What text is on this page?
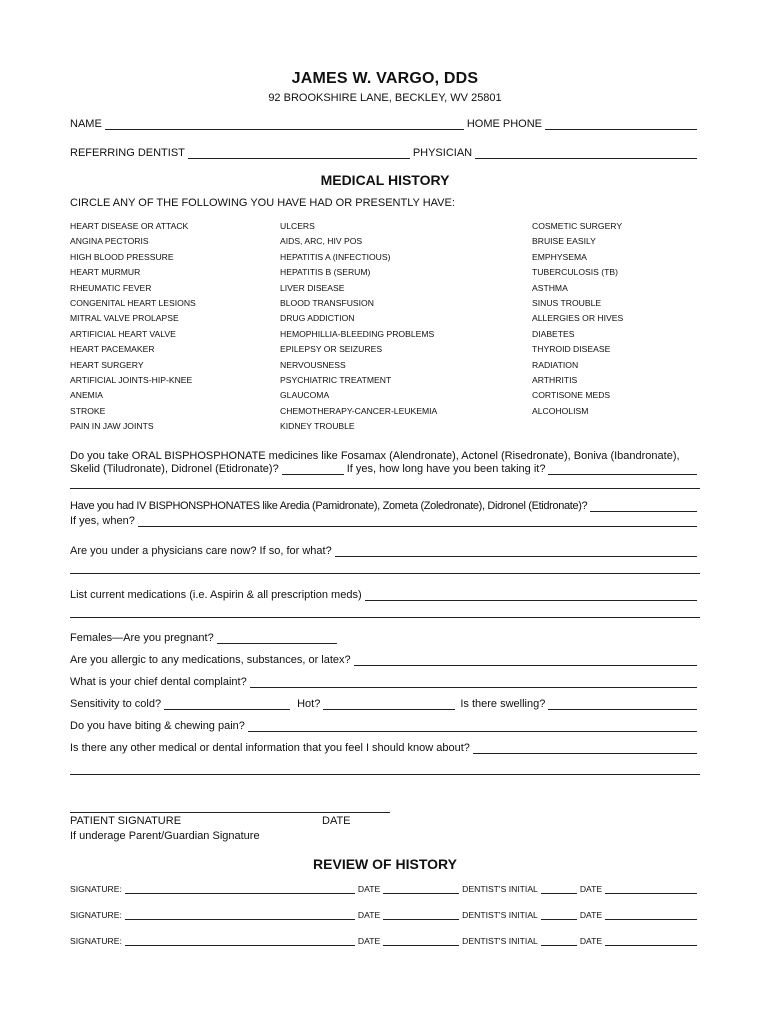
JAMES W. VARGO, DDS
92 BROOKSHIRE LANE, BECKLEY, WV 25801
NAME	HOME PHONE
REFERRING DENTIST	PHYSICIAN
MEDICAL HISTORY
CIRCLE ANY OF THE FOLLOWING YOU HAVE HAD OR PRESENTLY HAVE:
HEART DISEASE OR ATTACK
ANGINA PECTORIS
HIGH BLOOD PRESSURE
HEART MURMUR
RHEUMATIC FEVER
CONGENITAL HEART LESIONS
MITRAL VALVE PROLAPSE
ARTIFICIAL HEART VALVE
HEART PACEMAKER
HEART SURGERY
ARTIFICIAL JOINTS-HIP-KNEE
ANEMIA
STROKE
PAIN IN JAW JOINTS
ULCERS
AIDS, ARC, HIV POS
HEPATITIS A (INFECTIOUS)
HEPATITIS B (SERUM)
LIVER DISEASE
BLOOD TRANSFUSION
DRUG ADDICTION
HEMOPHILLIA-BLEEDING PROBLEMS
EPILEPSY OR SEIZURES
NERVOUSNESS
PSYCHIATRIC TREATMENT
GLAUCOMA
CHEMOTHERAPY-CANCER-LEUKEMIA
KIDNEY TROUBLE
COSMETIC SURGERY
BRUISE EASILY
EMPHYSEMA
TUBERCULOSIS (TB)
ASTHMA
SINUS TROUBLE
ALLERGIES OR HIVES
DIABETES
THYROID DISEASE
RADIATION
ARTHRITIS
CORTISONE MEDS
ALCOHOLISM
Do you take ORAL BISPHOSPHONATE medicines like Fosamax (Alendronate), Actonel (Risedronate), Boniva (Ibandronate),
Skelid (Tiludronate), Didronel (Etidronate)?	If yes, how long have you been taking it?
Have you had IV BISPHONSPHONATES like Aredia (Pamidronate), Zometa (Zoledronate), Didronel (Etidronate)?
If yes, when?
Are you under a physicians care now? If so, for what?
List current medications (i.e. Aspirin & all prescription meds)
Females—Are you pregnant?
Are you allergic to any medications, substances, or latex?
What is your chief dental complaint?
Sensitivity to cold?	Hot?	Is there swelling?
Do you have biting & chewing pain?
Is there any other medical or dental information that you feel I should know about?
PATIENT SIGNATURE	DATE
If underage Parent/Guardian Signature
REVIEW OF HISTORY
SIGNATURE:	DATE	DENTIST'S INITIAL	DATE
SIGNATURE:	DATE	DENTIST'S INITIAL	DATE
SIGNATURE:	DATE	DENTIST'S INITIAL	DATE
